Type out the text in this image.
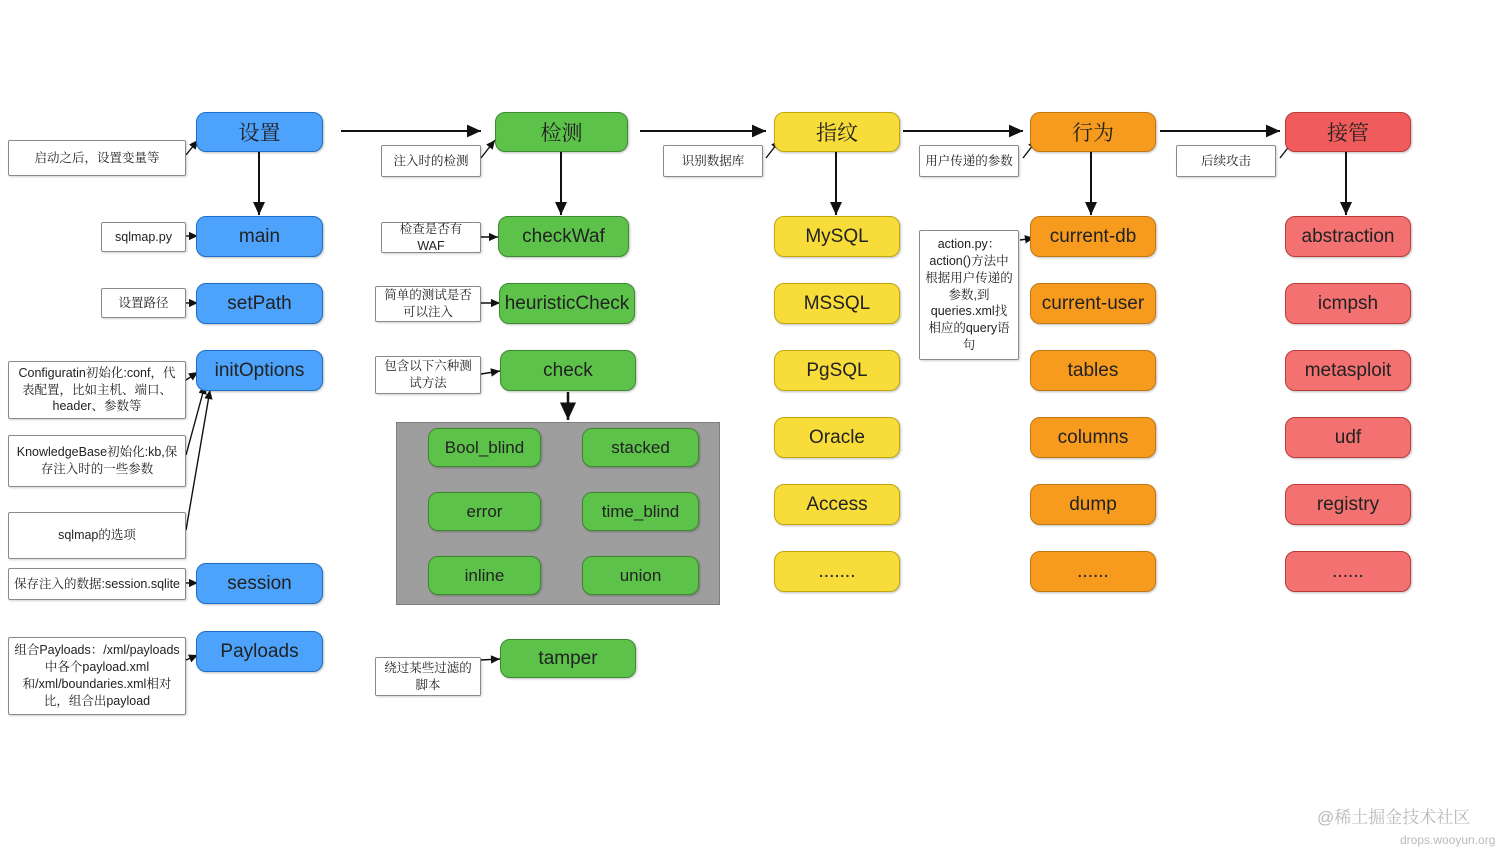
设置
启动之后，设置变量等
main
sqlmap.py
setPath
设置路径
initOptions
Configuratin初始化:conf，代表配置，比如主机、端口、header、参数等
KnowledgeBase初始化:kb,保存注入时的一些参数
sqlmap的选项
session
保存注入的数据:session.sqlite
Payloads
组合Payloads：/xml/payloads中各个payload.xml和/xml/boundaries.xml相对比，组合出payload
检测
注入时的检测
checkWaf
检查是否有WAF
heuristicCheck
简单的测试是否可以注入
check
包含以下六种测试方法
Bool_blind	stacked
error	time_blind
inline	union
tamper
绕过某些过滤的脚本
指纹
识别数据库
MySQL
MSSQL
PgSQL
Oracle
Access
.......
行为
用户传递的参数
action.py：action()方法中根据用户传递的参数,到queries.xml找相应的query语句
current-db
current-user
tables
columns
dump
......
接管
后续攻击
abstraction
icmpsh
metasploit
udf
registry
......
@稀土掘金技术社区
drops.wooyun.org
